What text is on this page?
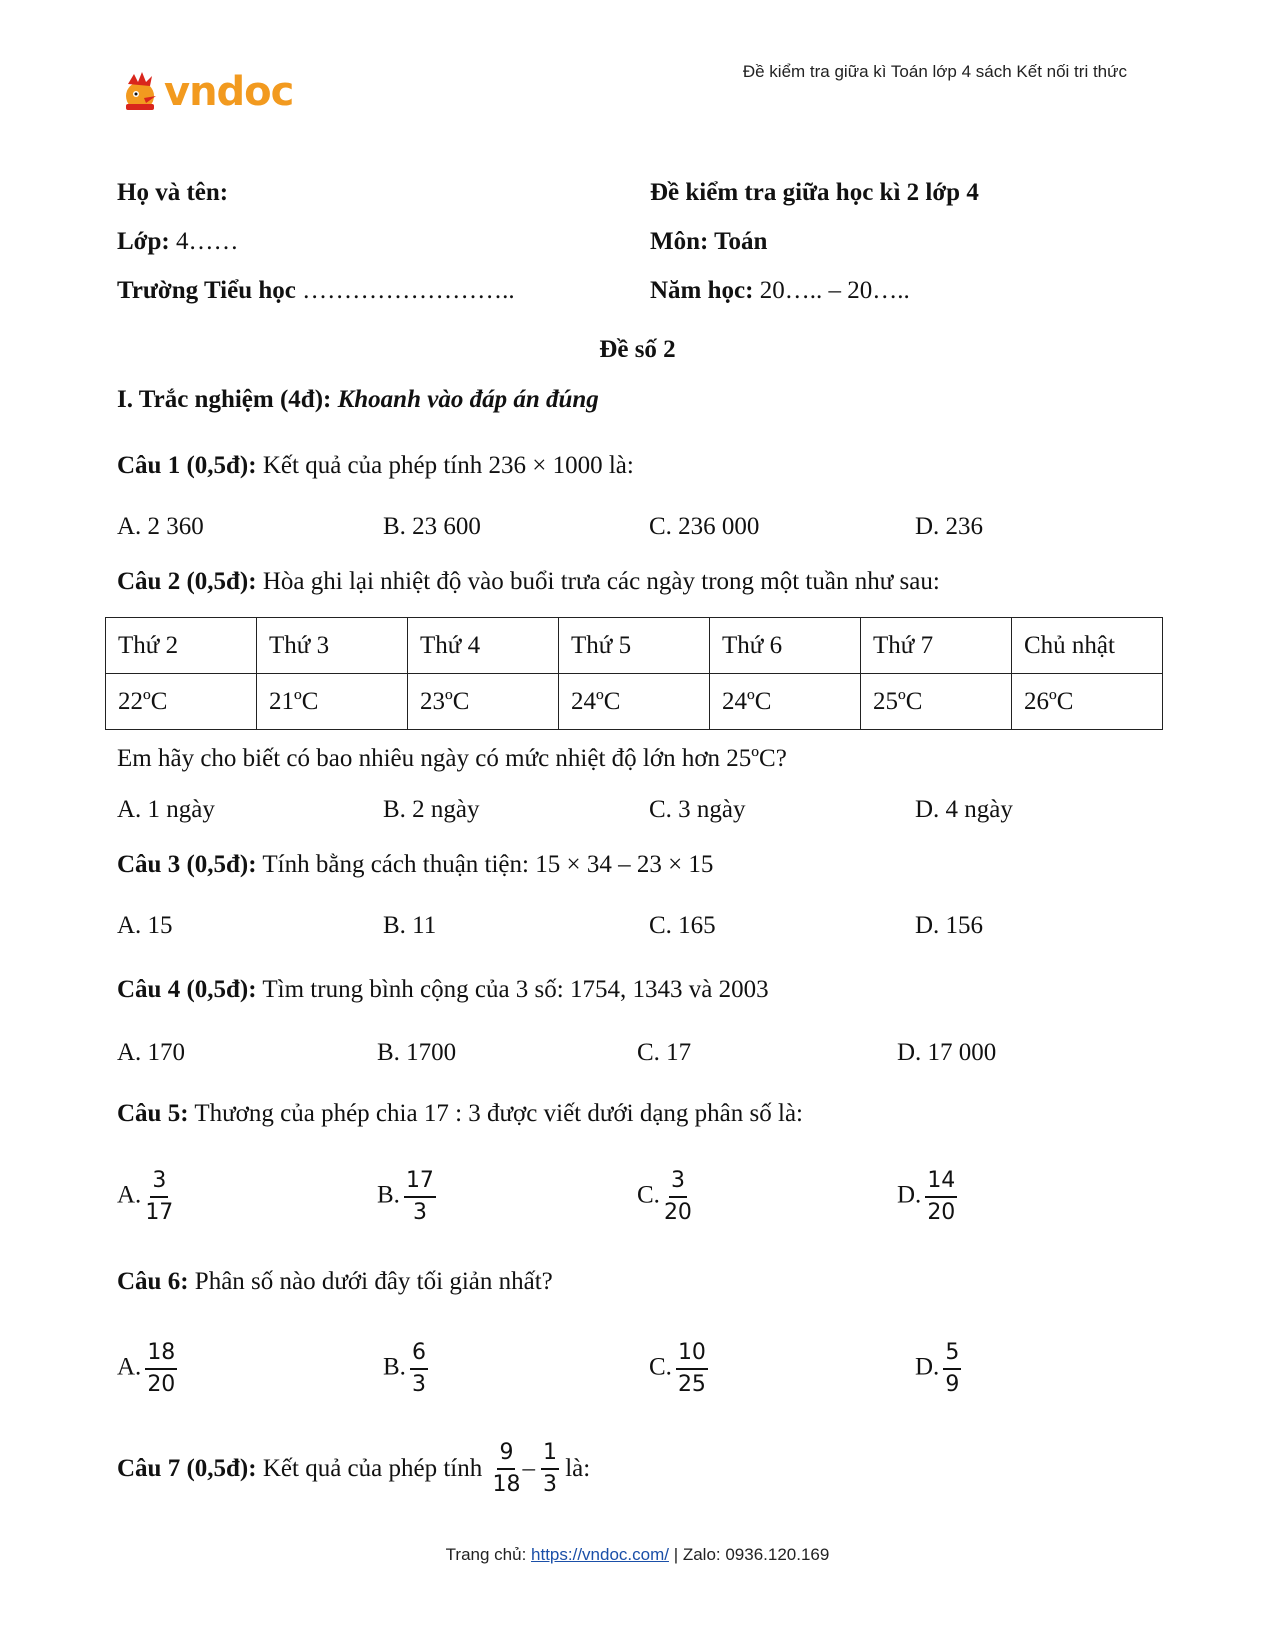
Đề kiểm tra giữa kì Toán lớp 4 sách Kết nối tri thức
vndoc
Họ và tên:	Đề kiểm tra giữa học kì 2 lớp 4
Lớp: 4……	Môn: Toán
Trường Tiểu học ……………………..	Năm học: 20….. – 20…..
Đề số 2
I. Trắc nghiệm (4đ): Khoanh vào đáp án đúng
Câu 1 (0,5đ): Kết quả của phép tính 236 × 1000 là:
A. 2 360	B. 23 600	C. 236 000	D. 236
Câu 2 (0,5đ): Hòa ghi lại nhiệt độ vào buổi trưa các ngày trong một tuần như sau:
Thứ 2	Thứ 3	Thứ 4	Thứ 5	Thứ 6	Thứ 7	Chủ nhật
22ºC	21ºC	23ºC	24ºC	24ºC	25ºC	26ºC
Em hãy cho biết có bao nhiêu ngày có mức nhiệt độ lớn hơn 25ºC?
A. 1 ngày	B. 2 ngày	C. 3 ngày	D. 4 ngày
Câu 3 (0,5đ): Tính bằng cách thuận tiện: 15 × 34 – 23 × 15
A. 15	B. 11	C. 165	D. 156
Câu 4 (0,5đ): Tìm trung bình cộng của 3 số: 1754, 1343 và 2003
A. 170	B. 1700	C. 17	D. 17 000
Câu 5: Thương của phép chia 17 : 3 được viết dưới dạng phân số là:
A. $\frac{3}{17}$	B. $\frac{17}{3}$	C. $\frac{3}{20}$	D. $\frac{14}{20}$
Câu 6: Phân số nào dưới đây tối giản nhất?
A. $\frac{18}{20}$	B. $\frac{6}{3}$	C. $\frac{10}{25}$	D. $\frac{5}{9}$
Câu 7 (0,5đ): Kết quả của phép tính $\frac{9}{18} - \frac{1}{3}$ là:
Trang chủ: https://vndoc.com/ | Zalo: 0936.120.169
